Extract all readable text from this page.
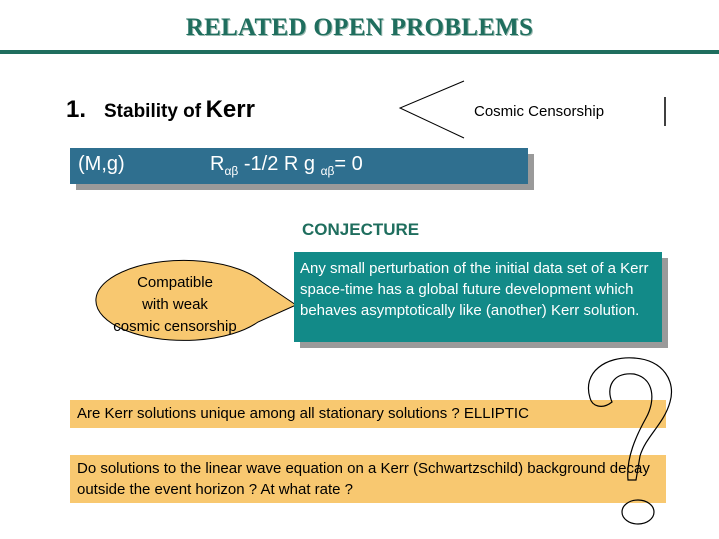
RELATED OPEN PROBLEMS
1. Stability of Kerr	Cosmic Censorship
(M,g)	$R_{\alpha\beta}$ -1/2 R g $_{\alpha\beta}$= 0
CONJECTURE
Any small perturbation of the initial data set of a Kerr space-time has a global future development which behaves asymptotically like (another) Kerr solution.
Compatible
with weak
cosmic censorship
Are Kerr solutions unique among all stationary solutions ? ELLIPTIC
Do solutions to the linear wave equation on a Kerr (Schwartzschild) background decay outside the event horizon ? At what rate ?
